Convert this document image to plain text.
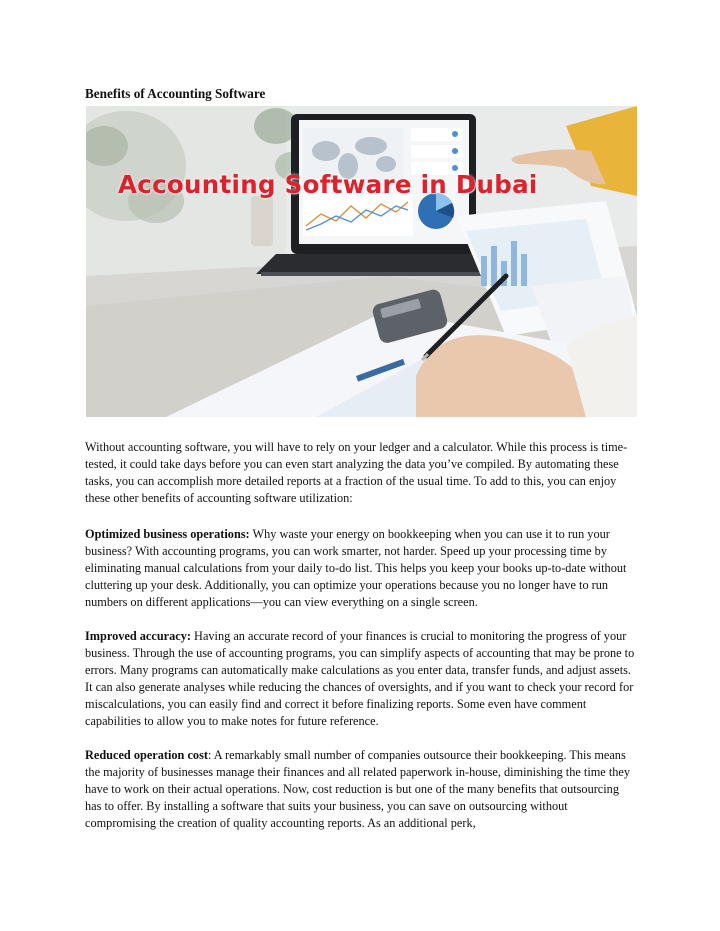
Benefits of Accounting Software
Accounting Software in Dubai

Without accounting software, you will have to rely on your ledger and a calculator. While this process is time-tested, it could take days before you can even start analyzing the data you’ve compiled. By automating these tasks, you can accomplish more detailed reports at a fraction of the usual time. To add to this, you can enjoy these other benefits of accounting software utilization:

Optimized business operations: Why waste your energy on bookkeeping when you can use it to run your business? With accounting programs, you can work smarter, not harder. Speed up your processing time by eliminating manual calculations from your daily to-do list. This helps you keep your books up-to-date without cluttering up your desk. Additionally, you can optimize your operations because you no longer have to run numbers on different applications—you can view everything on a single screen.

Improved accuracy: Having an accurate record of your finances is crucial to monitoring the progress of your business. Through the use of accounting programs, you can simplify aspects of accounting that may be prone to errors. Many programs can automatically make calculations as you enter data, transfer funds, and adjust assets. It can also generate analyses while reducing the chances of oversights, and if you want to check your record for miscalculations, you can easily find and correct it before finalizing reports. Some even have comment capabilities to allow you to make notes for future reference.

Reduced operation cost: A remarkably small number of companies outsource their bookkeeping. This means the majority of businesses manage their finances and all related paperwork in-house, diminishing the time they have to work on their actual operations. Now, cost reduction is but one of the many benefits that outsourcing has to offer. By installing a software that suits your business, you can save on outsourcing without compromising the creation of quality accounting reports. As an additional perk,
